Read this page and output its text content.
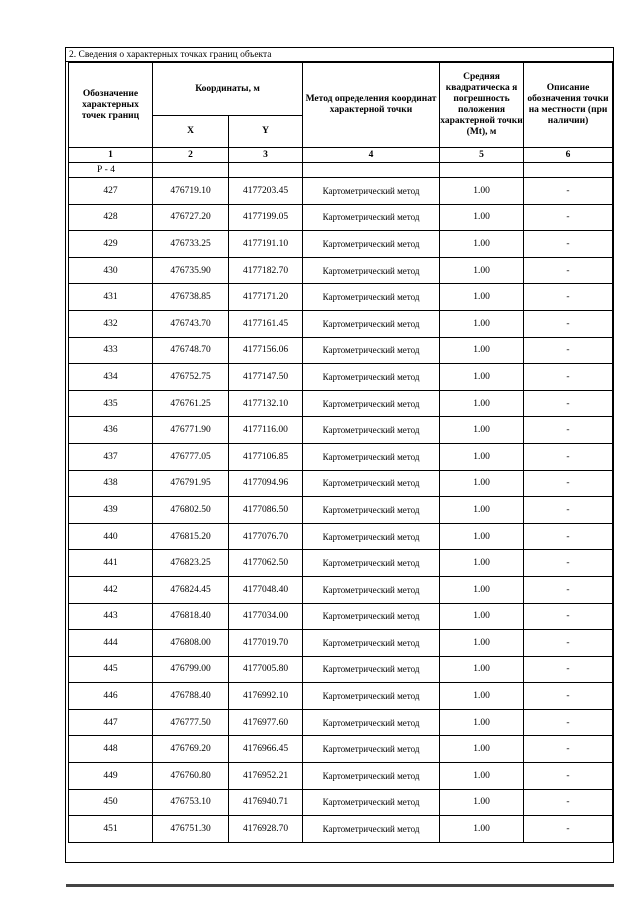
2. Сведения о характерных точках границ объекта
Обозначение характерных точек границ	Координаты, м		Метод определения координат характерной точки	Средняя квадратическа я погрешность положения характерной точки (Mt), м	Описание обозначения точки на местности (при наличии)
	X	Y			
1	2	3	4	5	6
Р - 4					
427	476719.10	4177203.45	Картометрический метод	1.00	-
428	476727.20	4177199.05	Картометрический метод	1.00	-
429	476733.25	4177191.10	Картометрический метод	1.00	-
430	476735.90	4177182.70	Картометрический метод	1.00	-
431	476738.85	4177171.20	Картометрический метод	1.00	-
432	476743.70	4177161.45	Картометрический метод	1.00	-
433	476748.70	4177156.06	Картометрический метод	1.00	-
434	476752.75	4177147.50	Картометрический метод	1.00	-
435	476761.25	4177132.10	Картометрический метод	1.00	-
436	476771.90	4177116.00	Картометрический метод	1.00	-
437	476777.05	4177106.85	Картометрический метод	1.00	-
438	476791.95	4177094.96	Картометрический метод	1.00	-
439	476802.50	4177086.50	Картометрический метод	1.00	-
440	476815.20	4177076.70	Картометрический метод	1.00	-
441	476823.25	4177062.50	Картометрический метод	1.00	-
442	476824.45	4177048.40	Картометрический метод	1.00	-
443	476818.40	4177034.00	Картометрический метод	1.00	-
444	476808.00	4177019.70	Картометрический метод	1.00	-
445	476799.00	4177005.80	Картометрический метод	1.00	-
446	476788.40	4176992.10	Картометрический метод	1.00	-
447	476777.50	4176977.60	Картометрический метод	1.00	-
448	476769.20	4176966.45	Картометрический метод	1.00	-
449	476760.80	4176952.21	Картометрический метод	1.00	-
450	476753.10	4176940.71	Картометрический метод	1.00	-
451	476751.30	4176928.70	Картометрический метод	1.00	-
